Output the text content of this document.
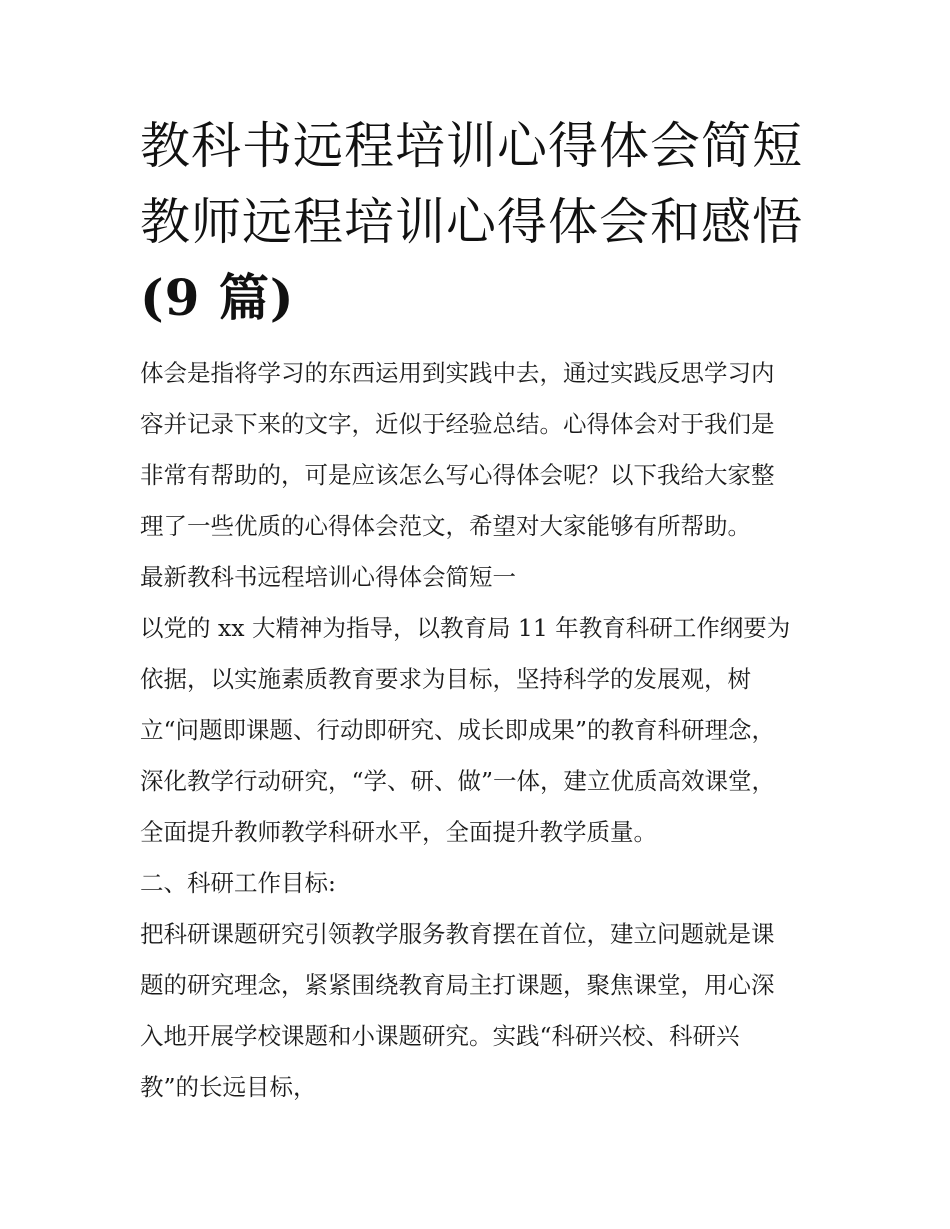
教科书远程培训心得体会简短
教师远程培训心得体会和感悟
(9 篇)
体会是指将学习的东西运用到实践中去，通过实践反思学习内
容并记录下来的文字，近似于经验总结。心得体会对于我们是
非常有帮助的，可是应该怎么写心得体会呢？以下我给大家整
理了一些优质的心得体会范文，希望对大家能够有所帮助。
最新教科书远程培训心得体会简短一
以党的 xx 大精神为指导，以教育局 11 年教育科研工作纲要为
依据，以实施素质教育要求为目标，坚持科学的发展观，树
立“问题即课题、行动即研究、成长即成果”的教育科研理念，
深化教学行动研究，“学、研、做”一体，建立优质高效课堂，
全面提升教师教学科研水平，全面提升教学质量。
二、科研工作目标:
把科研课题研究引领教学服务教育摆在首位，建立问题就是课
题的研究理念，紧紧围绕教育局主打课题，聚焦课堂，用心深
入地开展学校课题和小课题研究。实践“科研兴校、科研兴
教”的长远目标，
